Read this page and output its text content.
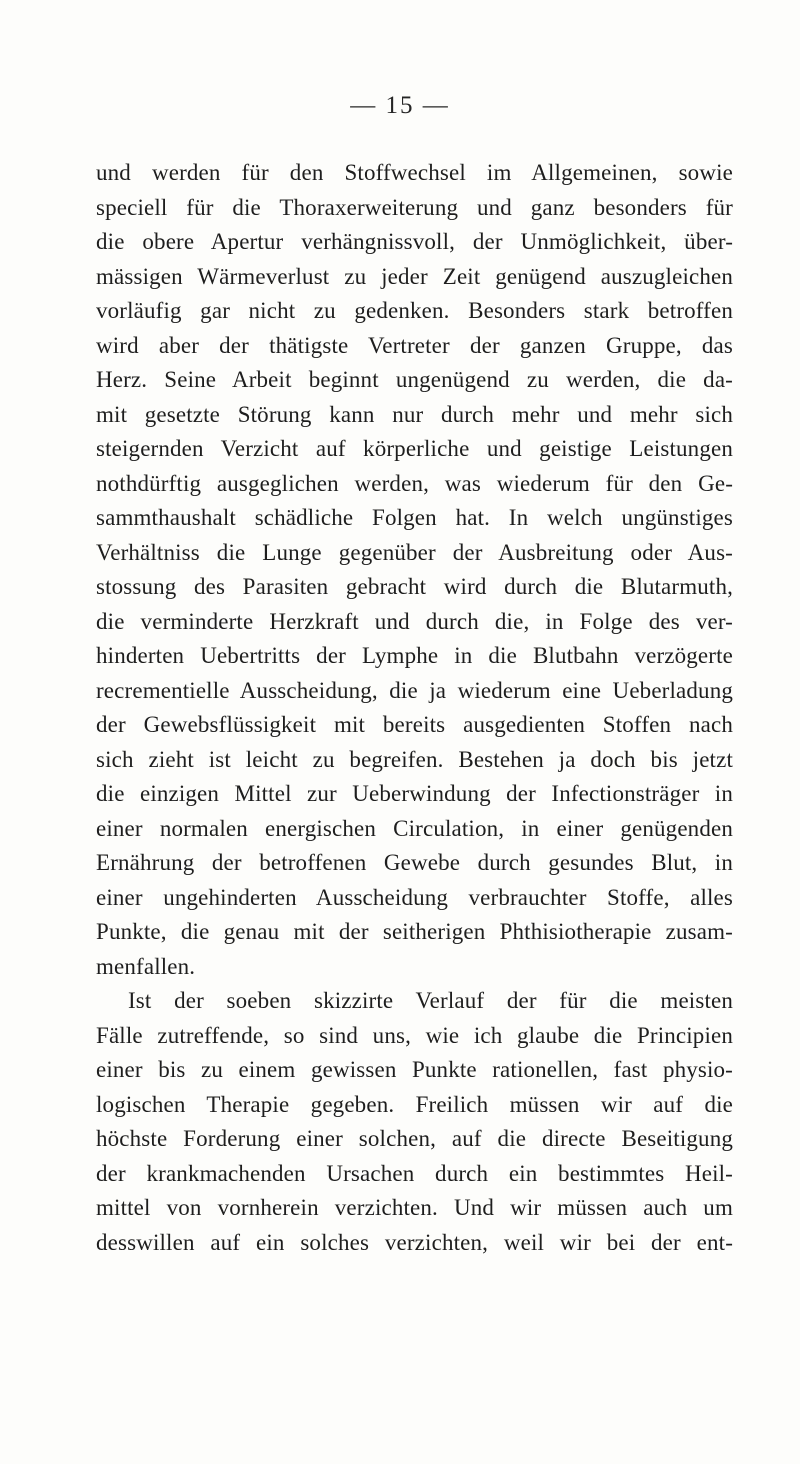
— 15 —
und werden für den Stoffwechsel im Allgemeinen, sowie
speciell für die Thoraxerweiterung und ganz besonders für
die obere Apertur verhängnissvoll, der Unmöglichkeit, über-
mässigen Wärmeverlust zu jeder Zeit genügend auszugleichen
vorläufig gar nicht zu gedenken. Besonders stark betroffen
wird aber der thätigste Vertreter der ganzen Gruppe, das
Herz. Seine Arbeit beginnt ungenügend zu werden, die da-
mit gesetzte Störung kann nur durch mehr und mehr sich
steigernden Verzicht auf körperliche und geistige Leistungen
nothdürftig ausgeglichen werden, was wiederum für den Ge-
sammthaushalt schädliche Folgen hat. In welch ungünstiges
Verhältniss die Lunge gegenüber der Ausbreitung oder Aus-
stossung des Parasiten gebracht wird durch die Blutarmuth,
die verminderte Herzkraft und durch die, in Folge des ver-
hinderten Uebertritts der Lymphe in die Blutbahn verzögerte
recrementielle Ausscheidung, die ja wiederum eine Ueberladung
der Gewebsflüssigkeit mit bereits ausgedienten Stoffen nach
sich zieht ist leicht zu begreifen. Bestehen ja doch bis jetzt
die einzigen Mittel zur Ueberwindung der Infectionsträger in
einer normalen energischen Circulation, in einer genügenden
Ernährung der betroffenen Gewebe durch gesundes Blut, in
einer ungehinderten Ausscheidung verbrauchter Stoffe, alles
Punkte, die genau mit der seitherigen Phthisiotherapie zusam-
menfallen.
Ist der soeben skizzirte Verlauf der für die meisten
Fälle zutreffende, so sind uns, wie ich glaube die Principien
einer bis zu einem gewissen Punkte rationellen, fast physio-
logischen Therapie gegeben. Freilich müssen wir auf die
höchste Forderung einer solchen, auf die directe Beseitigung
der krankmachenden Ursachen durch ein bestimmtes Heil-
mittel von vornherein verzichten. Und wir müssen auch um
desswillen auf ein solches verzichten, weil wir bei der ent-
